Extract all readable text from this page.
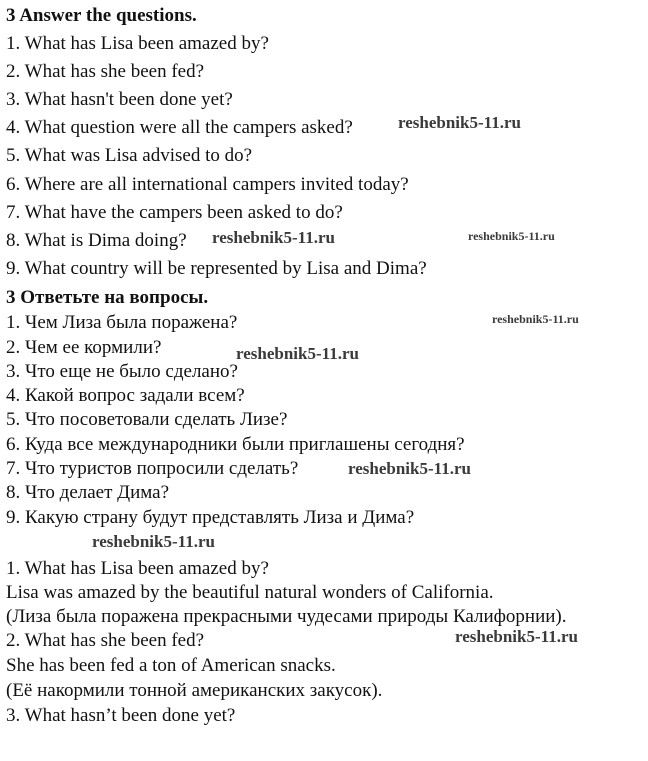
3 Answer the questions.
1. What has Lisa been amazed by?
2. What has she been fed?
3. What hasn't been done yet?
4. What question were all the campers asked?
5. What was Lisa advised to do?
6. Where are all international campers invited today?
7. What have the campers been asked to do?
8. What is Dima doing?
9. What country will be represented by Lisa and Dima?
3 Ответьте на вопросы.
1. Чем Лиза была поражена?
2. Чем ее кормили?
3. Что еще не было сделано?
4. Какой вопрос задали всем?
5. Что посоветовали сделать Лизе?
6. Куда все международники были приглашены сегодня?
7. Что туристов попросили сделать?
8. Что делает Дима?
9. Какую страну будут представлять Лиза и Дима?
1. What has Lisa been amazed by?
Lisa was amazed by the beautiful natural wonders of California.
(Лиза была поражена прекрасными чудесами природы Калифорнии).
2. What has she been fed?
She has been fed a ton of American snacks.
(Её накормили тонной американских закусок).
3. What hasn’t been done yet?
reshebnik5-11.ru
reshebnik5-11.ru	reshebnik5-11.ru
reshebnik5-11.ru
reshebnik5-11.ru
reshebnik5-11.ru
reshebnik5-11.ru
reshebnik5-11.ru
